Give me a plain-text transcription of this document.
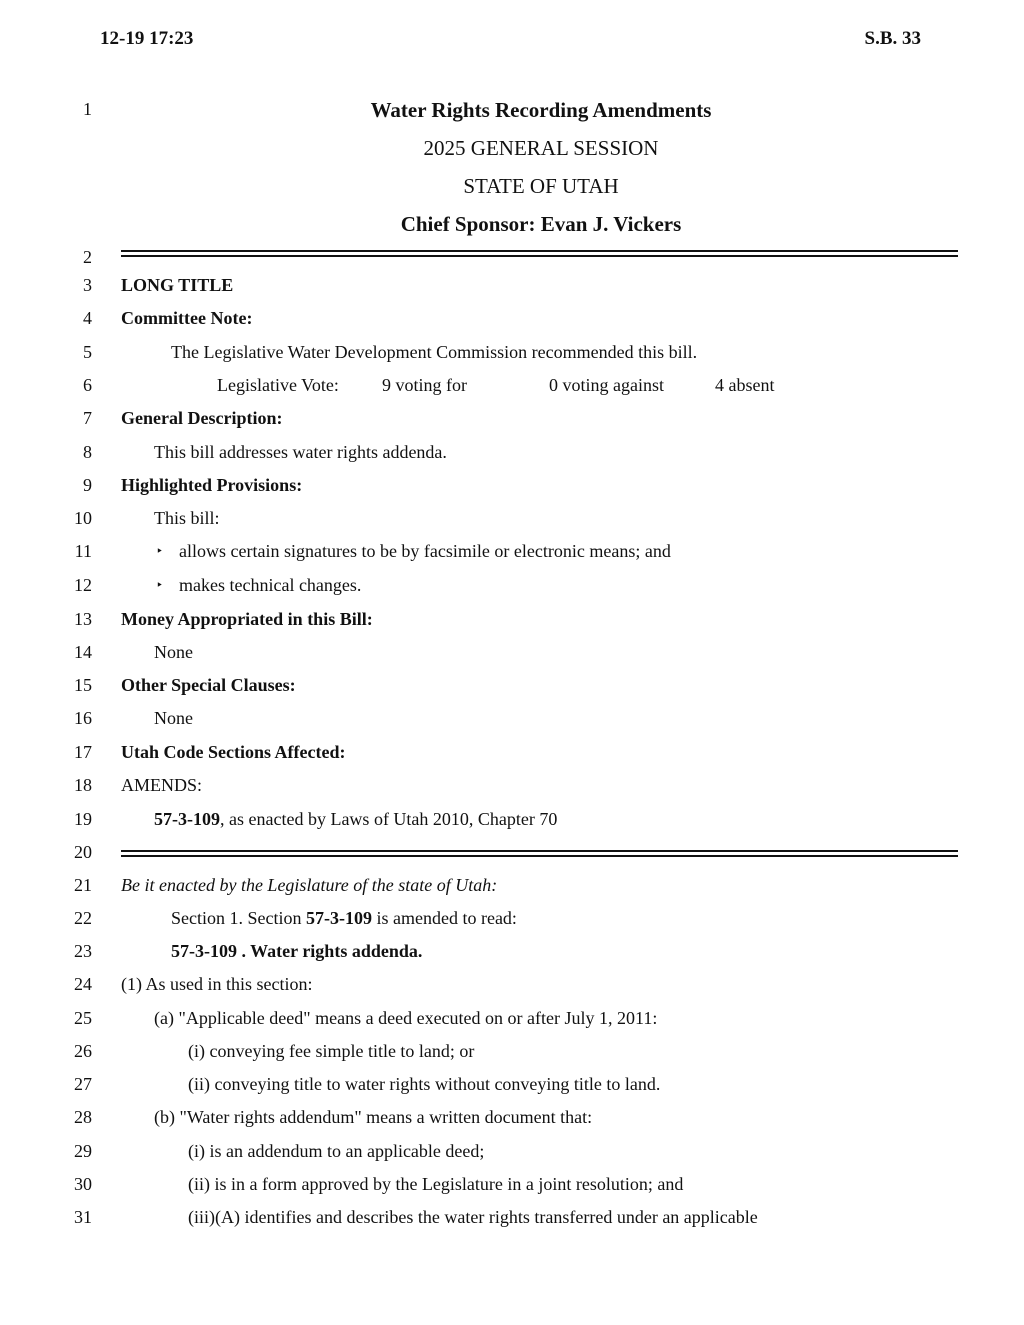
12-19 17:23	S.B. 33
1
2
3
4
5
6
7
8
9
10
11
12
13
14
15
16
17
18
19
20
21
22
23
24
25
26
27
28
29
30
31
Water Rights Recording Amendments
2025 GENERAL SESSION
STATE OF UTAH
Chief Sponsor: Evan J. Vickers
LONG TITLE
Committee Note:
The Legislative Water Development Commission recommended this bill.
Legislative Vote: 9 voting for	0 voting against	4 absent
General Description:
This bill addresses water rights addenda.
Highlighted Provisions:
This bill:
‣ allows certain signatures to be by facsimile or electronic means; and
‣ makes technical changes.
Money Appropriated in this Bill:
None
Other Special Clauses:
None
Utah Code Sections Affected:
AMENDS:
57-3-109, as enacted by Laws of Utah 2010, Chapter 70
Be it enacted by the Legislature of the state of Utah:
Section 1. Section 57-3-109 is amended to read:
57-3-109 . Water rights addenda.
(1) As used in this section:
(a) "Applicable deed" means a deed executed on or after July 1, 2011:
(i) conveying fee simple title to land; or
(ii) conveying title to water rights without conveying title to land.
(b) "Water rights addendum" means a written document that:
(i) is an addendum to an applicable deed;
(ii) is in a form approved by the Legislature in a joint resolution; and
(iii)(A) identifies and describes the water rights transferred under an applicable
